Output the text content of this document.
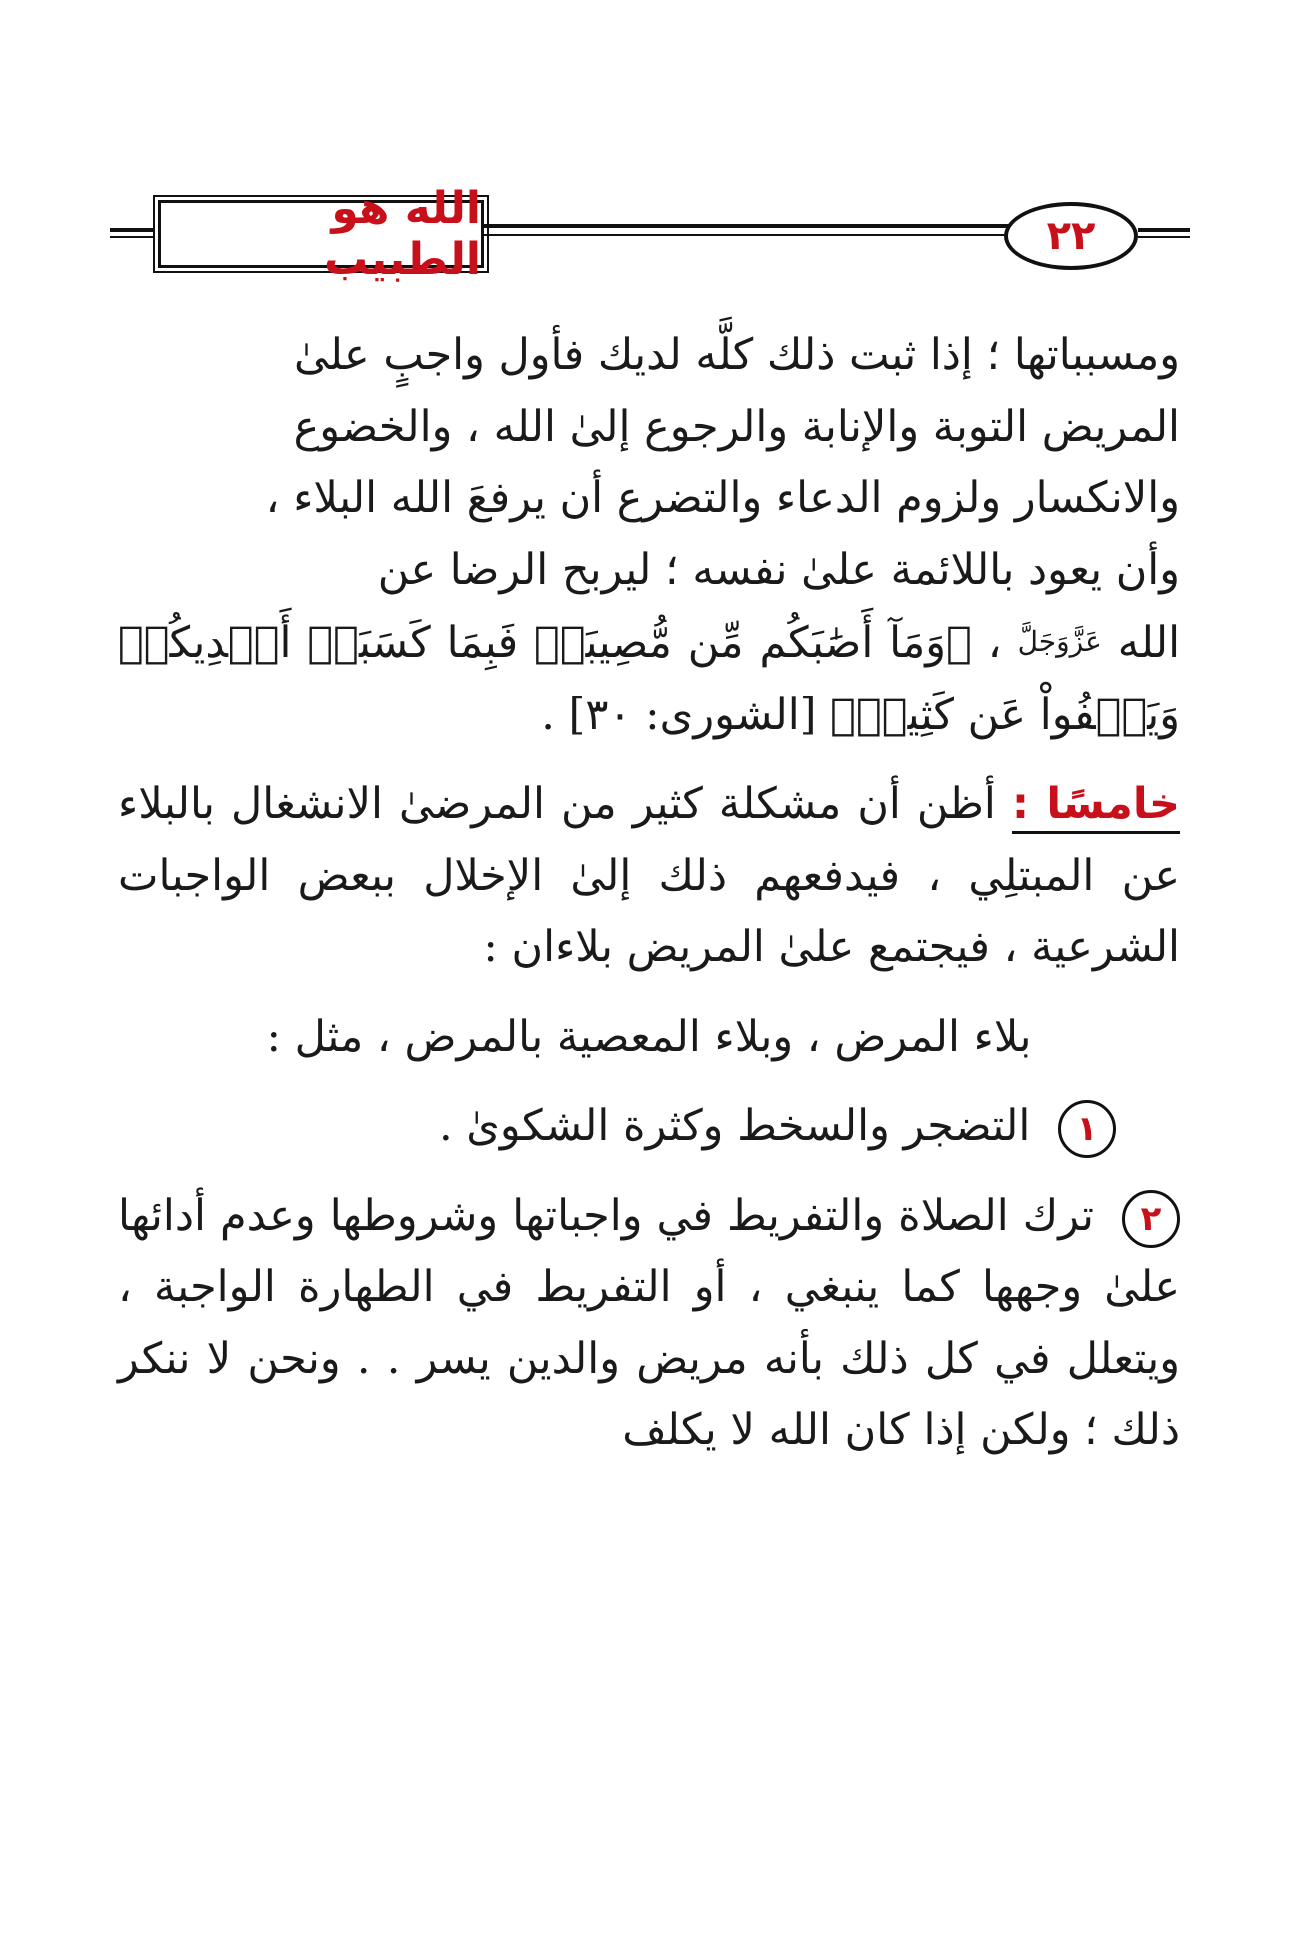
الله هو الطبيب	٢٢
ومسبباتها ؛ إذا ثبت ذلك كلَّه لديك فأول واجبٍ علىٰ
المريض التوبة والإنابة والرجوع إلىٰ الله ، والخضوع
والانكسار ولزوم الدعاء والتضرع أن يرفعَ الله البلاء ،
وأن يعود باللائمة علىٰ نفسه ؛ ليربح الرضا عن
الله عَزَّوَجَلَّ ، ﴿وَمَآ أَصَٰبَكُم مِّن مُّصِيبَةٖ فَبِمَا كَسَبَتۡ أَيۡدِيكُمۡ وَيَعۡفُواْ عَن كَثِيرٖ﴾ [الشورى: ٣٠] .
خامسًا : أظن أن مشكلة كثير من المرضىٰ الانشغال بالبلاء عن المبتلِي ، فيدفعهم ذلك إلىٰ الإخلال ببعض الواجبات الشرعية ، فيجتمع علىٰ المريض بلاءان :
بلاء المرض ، وبلاء المعصية بالمرض ، مثل :
١ التضجر والسخط وكثرة الشكوىٰ .
٢ ترك الصلاة والتفريط في واجباتها وشروطها وعدم أدائها علىٰ وجهها كما ينبغي ، أو التفريط في الطهارة الواجبة ، ويتعلل في كل ذلك بأنه مريض والدين يسر . . ونحن لا ننكر ذلك ؛ ولكن إذا كان الله لا يكلف
